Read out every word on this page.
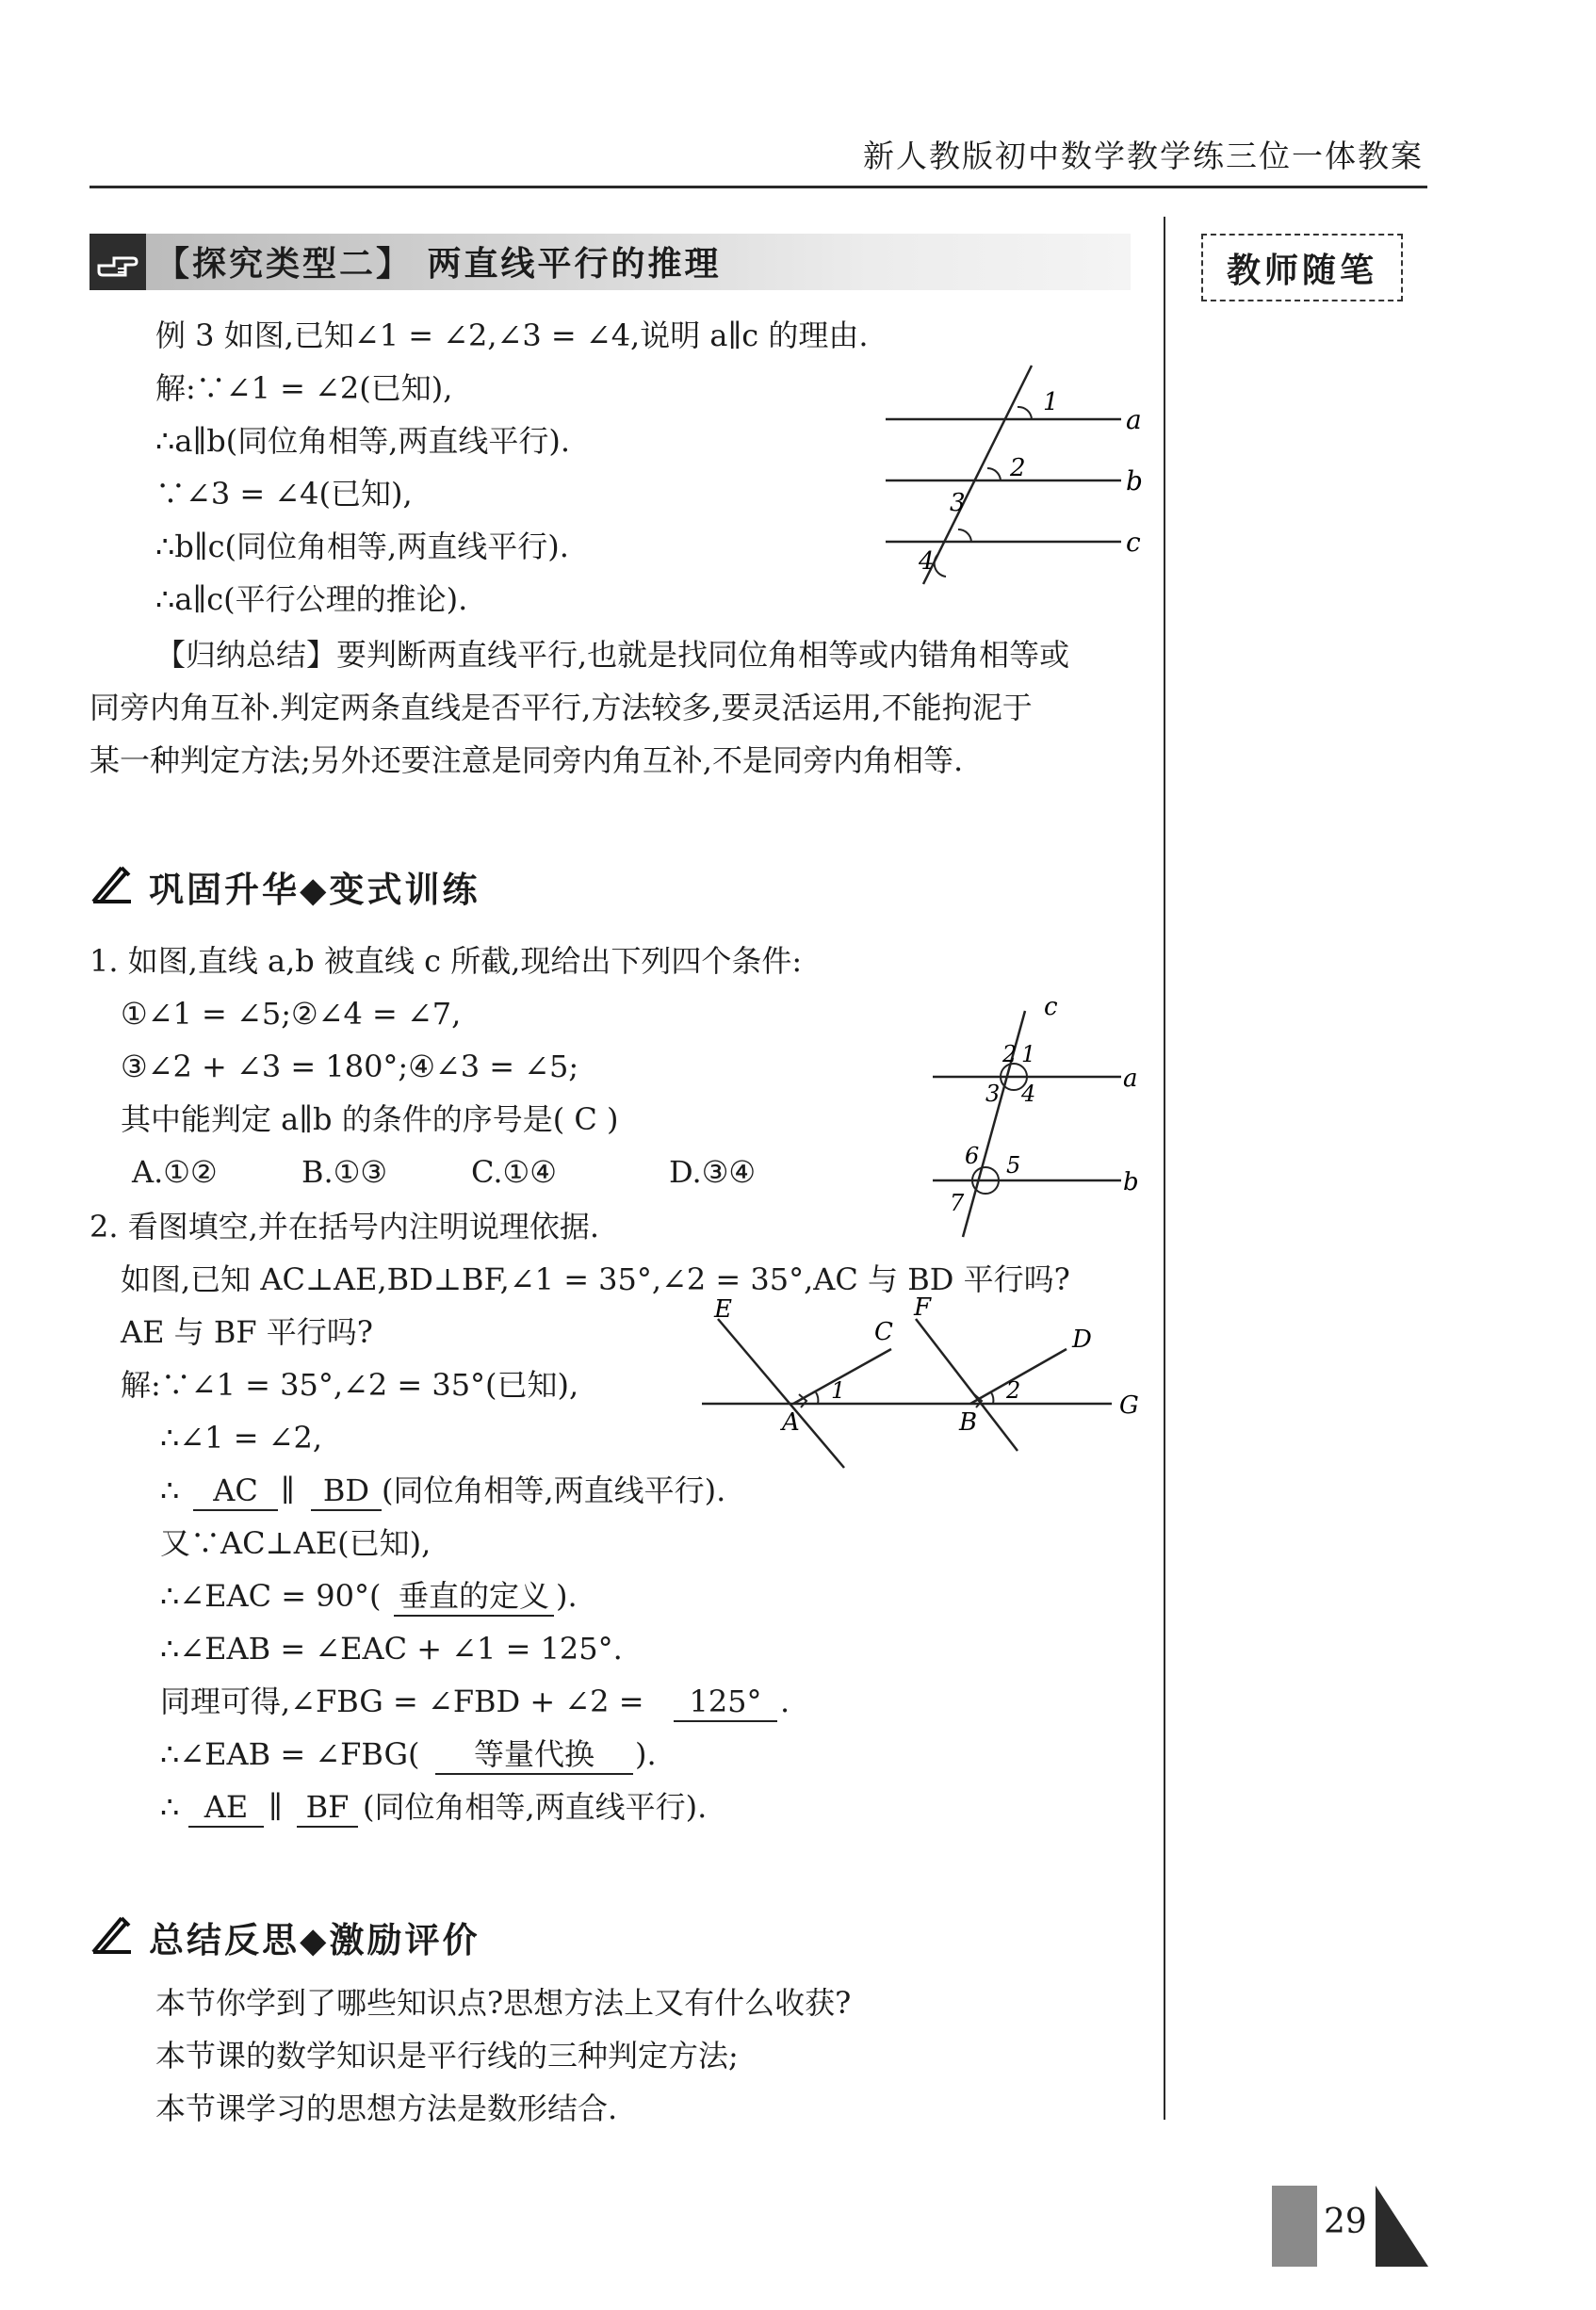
新人教版初中数学教学练三位一体教案
教师随笔
【探究类型二】 两直线平行的推理
例 3 如图,已知∠1 = ∠2,∠3 = ∠4,说明 a∥c 的理由.
解:∵∠1 = ∠2(已知),
∴a∥b(同位角相等,两直线平行).
∵∠3 = ∠4(已知),
∴b∥c(同位角相等,两直线平行).
∴a∥c(平行公理的推论).
1
2
3
4
a
b
c
【归纳总结】要判断两直线平行,也就是找同位角相等或内错角相等或
同旁内角互补.判定两条直线是否平行,方法较多,要灵活运用,不能拘泥于
某一种判定方法;另外还要注意是同旁内角互补,不是同旁内角相等.
巩固升华◆变式训练
1. 如图,直线 a,b 被直线 c 所截,现给出下列四个条件:
①∠1 = ∠5;②∠4 = ∠7,
③∠2 + ∠3 = 180°;④∠3 = ∠5;
其中能判定 a∥b 的条件的序号是( C )
A.①②	B.①③	C.①④	D.③④
c
2 1
3 4
6 5
7
a
b
2. 看图填空,并在括号内注明说理依据.
如图,已知 AC⊥AE,BD⊥BF,∠1 = 35°,∠2 = 35°,AC 与 BD 平行吗?
AE 与 BF 平行吗?
解:∵∠1 = 35°,∠2 = 35°(已知),
∴∠1 = ∠2,
E
C
F
D
A	B
G
1	2
∴	AC ∥ BD (同位角相等,两直线平行).
又∵AC⊥AE(已知),
∴∠EAC = 90°( 垂直的定义 ).
∴∠EAB = ∠EAC + ∠1 = 125°.
同理可得,∠FBG = ∠FBD + ∠2 =	125° .
∴∠EAB = ∠FBG(	等量代换	).
∴ AE ∥ BF (同位角相等,两直线平行).
总结反思◆激励评价
本节你学到了哪些知识点?思想方法上又有什么收获?
本节课的数学知识是平行线的三种判定方法;
本节课学习的思想方法是数形结合.
29
